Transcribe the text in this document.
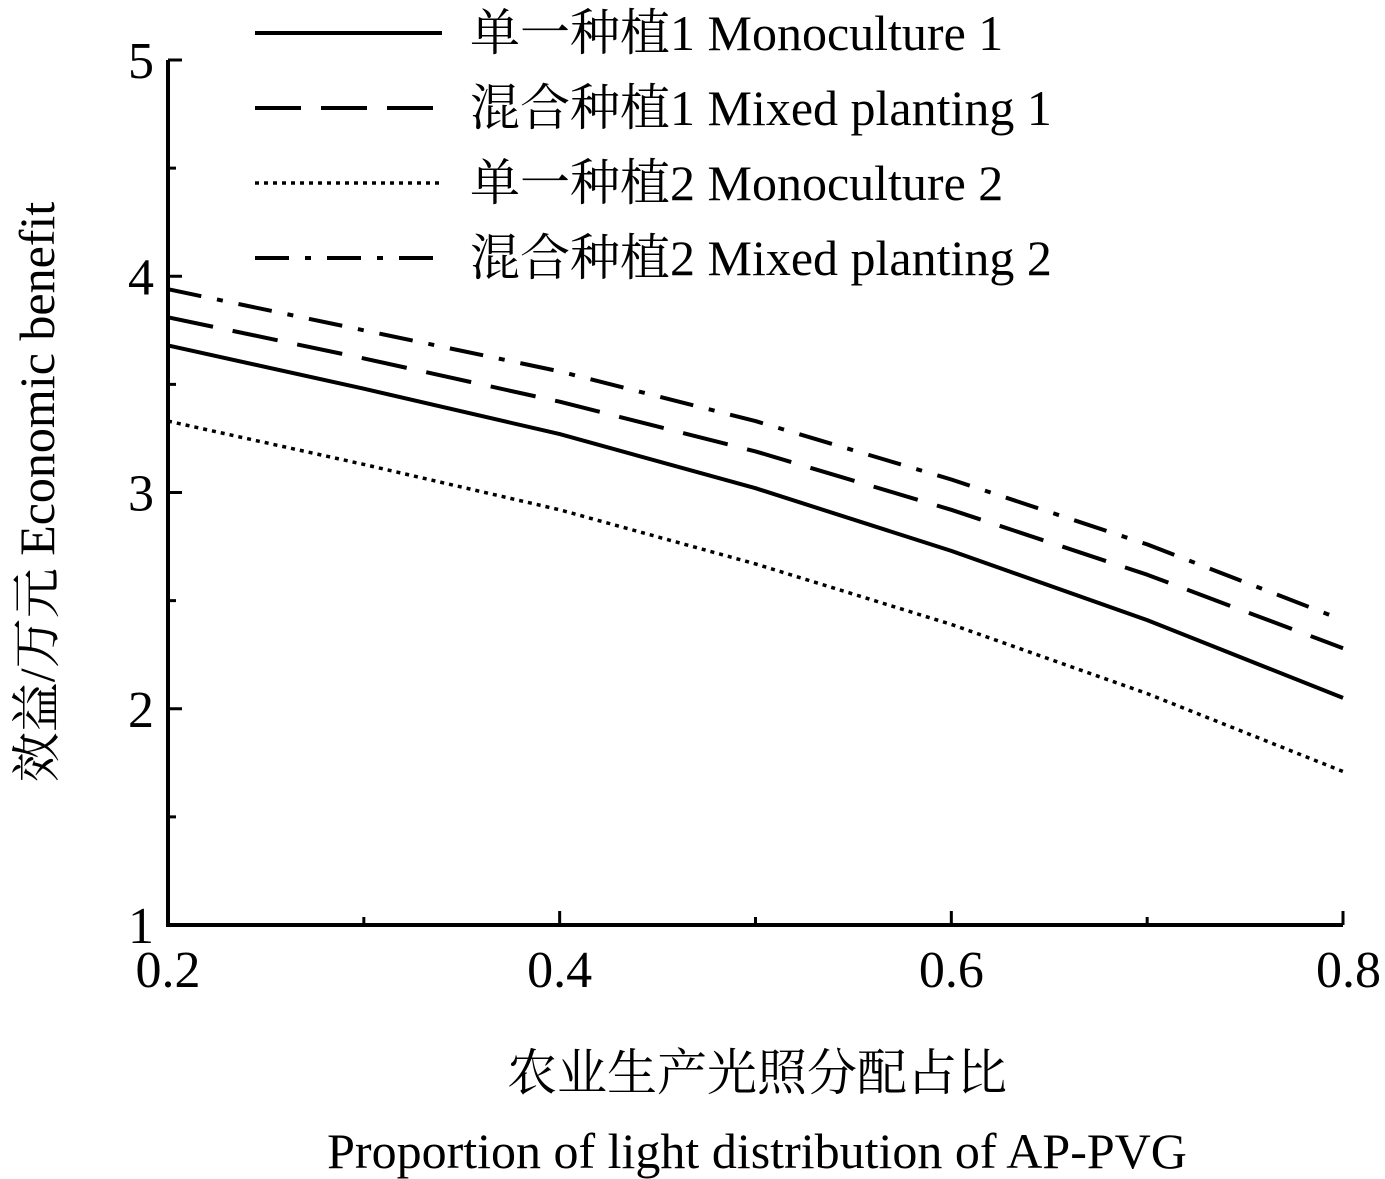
1
2
3
4
5
0.2	0.4	0.6	0.8
单一种植1 Monoculture 1
混合种植1 Mixed planting 1
单一种植2 Monoculture 2
混合种植2 Mixed planting 2
农业生产光照分配占比
Proportion of light distribution of AP-PVG
效益/万元 Economic benefit
